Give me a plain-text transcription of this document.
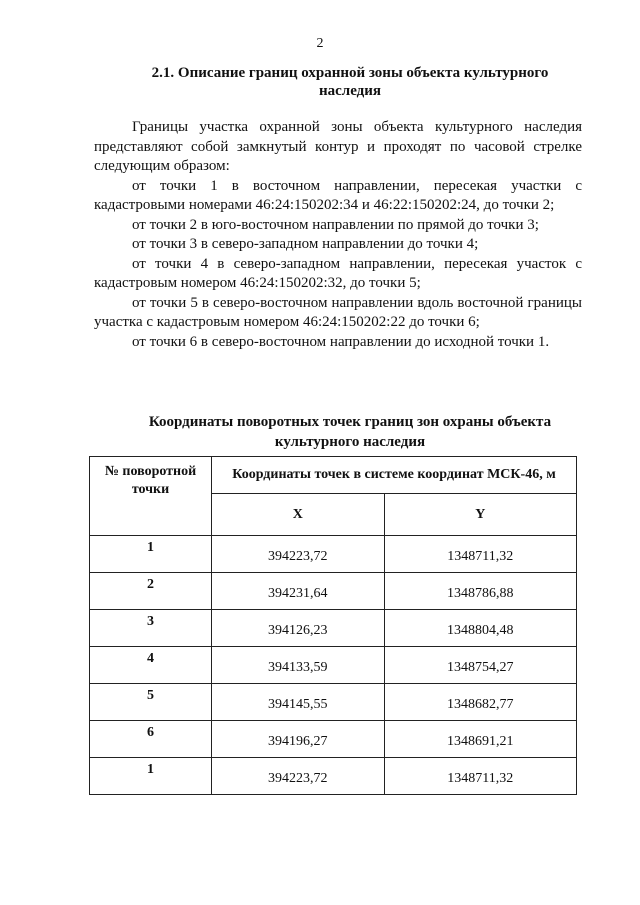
2
2.1. Описание границ охранной зоны объекта культурного
наследия

Границы участка охранной зоны объекта культурного наследия представляют собой замкнутый контур и проходят по часовой стрелке следующим образом:

от точки 1 в восточном направлении, пересекая участки с кадастровыми номерами 46:24:150202:34 и 46:22:150202:24, до точки 2;

от точки 2 в юго-восточном направлении по прямой до точки 3;

от точки 3 в северо-западном направлении до точки 4;

от точки 4 в северо-западном направлении, пересекая участок с кадастровым номером 46:24:150202:32, до точки 5;

от точки 5 в северо-восточном направлении вдоль восточной границы участка с кадастровым номером 46:24:150202:22 до точки 6;

от точки 6 в северо-восточном направлении до исходной точки 1.

Координаты поворотных точек границ зон охраны объекта
культурного наследия
№ поворотной
точки	Координаты точек в системе координат МСК-46, м	
	X	Y
1	394223,72	1348711,32
2	394231,64	1348786,88
3	394126,23	1348804,48
4	394133,59	1348754,27
5	394145,55	1348682,77
6	394196,27	1348691,21
1	394223,72	1348711,32
